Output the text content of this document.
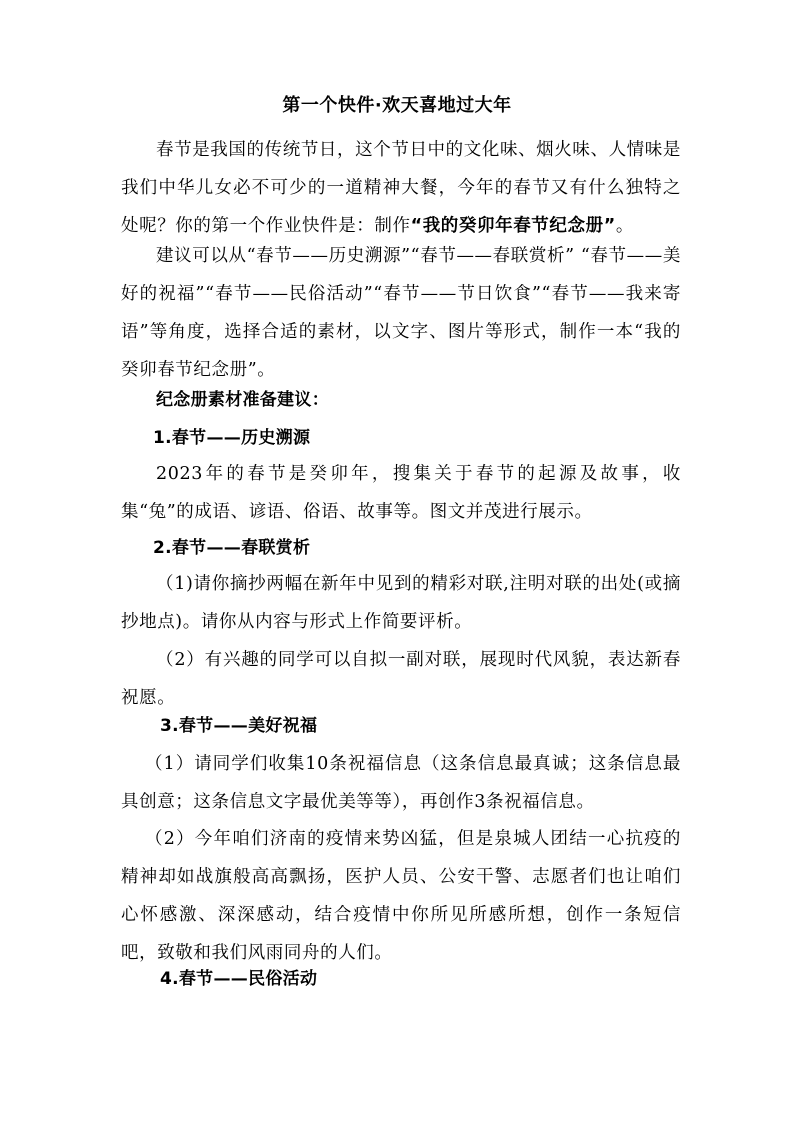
第一个快件·欢天喜地过大年
春节是我国的传统节日，这个节日中的文化味、烟火味、人情味是我们中华儿女必不可少的一道精神大餐，今年的春节又有什么独特之处呢？你的第一个作业快件是：制作“我的癸卯年春节纪念册”。
建议可以从“春节——历史溯源”“春节——春联赏析” “春节——美好的祝福”“春节——民俗活动”“春节——节日饮食”“春节——我来寄语”等角度，选择合适的素材，以文字、图片等形式，制作一本“我的癸卯春节纪念册”。
纪念册素材准备建议：
1.春节——历史溯源
2023年的春节是癸卯年，搜集关于春节的起源及故事，收集“兔”的成语、谚语、俗语、故事等。图文并茂进行展示。
2.春节——春联赏析
（1)请你摘抄两幅在新年中见到的精彩对联,注明对联的出处(或摘抄地点)。请你从内容与形式上作简要评析。
（2）有兴趣的同学可以自拟一副对联，展现时代风貌，表达新春祝愿。
3.春节——美好祝福
（1）请同学们收集10条祝福信息（这条信息最真诚；这条信息最具创意；这条信息文字最优美等等），再创作3条祝福信息。
（2）今年咱们济南的疫情来势凶猛，但是泉城人团结一心抗疫的精神却如战旗般高高飘扬，医护人员、公安干警、志愿者们也让咱们心怀感激、深深感动，结合疫情中你所见所感所想，创作一条短信吧，致敬和我们风雨同舟的人们。
4.春节——民俗活动
